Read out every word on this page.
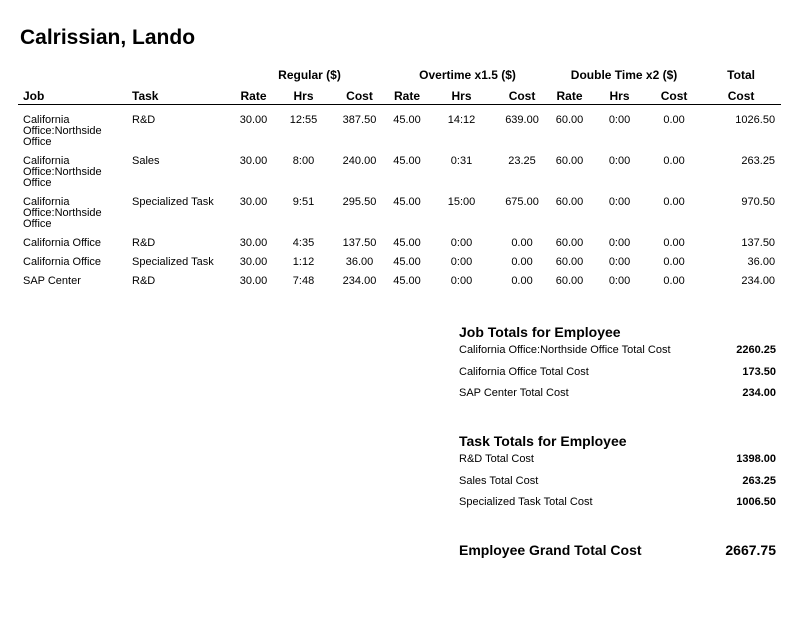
Calrissian, Lando
		Regular ($)			Overtime x1.5 ($)			Double Time x2 ($)			Total
Job	Task	Rate	Hrs	Cost	Rate	Hrs	Cost	Rate	Hrs	Cost	Cost
California Office:Northside Office	R&D	30.00	12:55	387.50	45.00	14:12	639.00	60.00	0:00	0.00	1026.50
California Office:Northside Office	Sales	30.00	8:00	240.00	45.00	0:31	23.25	60.00	0:00	0.00	263.25
California Office:Northside Office	Specialized Task	30.00	9:51	295.50	45.00	15:00	675.00	60.00	0:00	0.00	970.50
California Office	R&D	30.00	4:35	137.50	45.00	0:00	0.00	60.00	0:00	0.00	137.50
California Office	Specialized Task	30.00	1:12	36.00	45.00	0:00	0.00	60.00	0:00	0.00	36.00
SAP Center	R&D	30.00	7:48	234.00	45.00	0:00	0.00	60.00	0:00	0.00	234.00
Job Totals for Employee
California Office:Northside Office Total Cost	2260.25
California Office Total Cost	173.50
SAP Center Total Cost	234.00
Task Totals for Employee
R&D Total Cost	1398.00
Sales Total Cost	263.25
Specialized Task Total Cost	1006.50
Employee Grand Total Cost	2667.75
